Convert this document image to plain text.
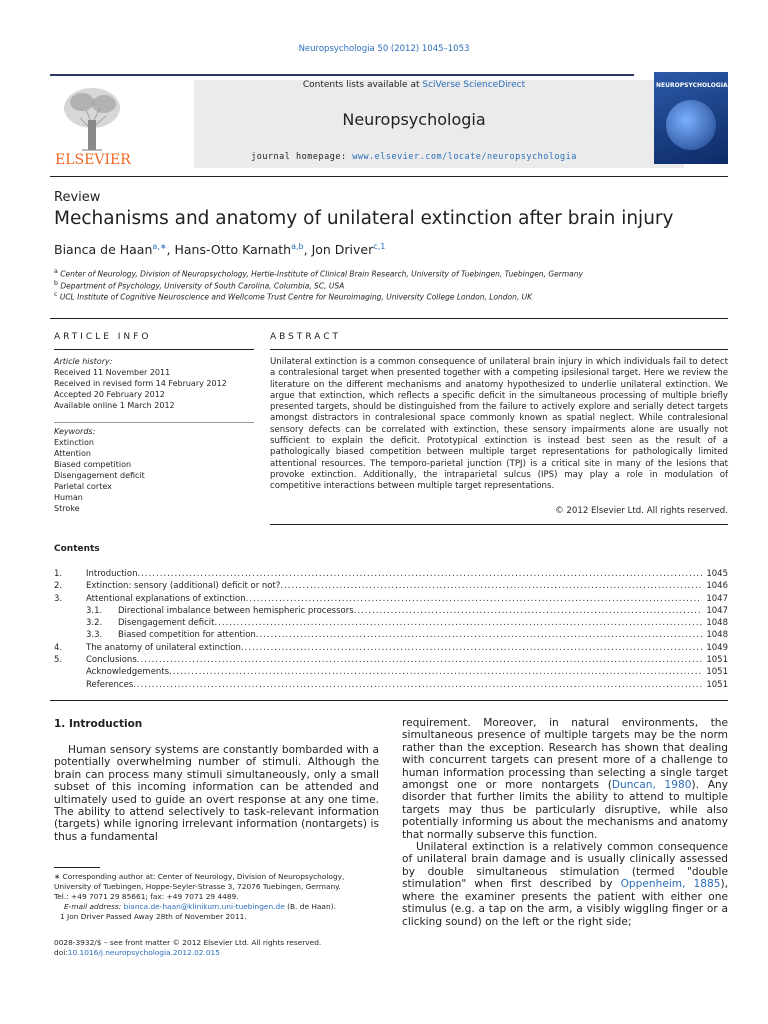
Neuropsychologia 50 (2012) 1045–1053
ELSEVIER
Contents lists available at SciVerse ScienceDirect
Neuropsychologia
journal homepage: www.elsevier.com/locate/neuropsychologia
NEUROPSYCHOLOGIA
Review
Mechanisms and anatomy of unilateral extinction after brain injury
Bianca de Haan$^{a,∗}$, Hans-Otto Karnath$^{a,b}$, Jon Driver$^{c,1}$
$^a$ Center of Neurology, Division of Neuropsychology, Hertie-Institute of Clinical Brain Research, University of Tuebingen, Tuebingen, Germany
$^b$ Department of Psychology, University of South Carolina, Columbia, SC, USA
$^c$ UCL Institute of Cognitive Neuroscience and Wellcome Trust Centre for Neuroimaging, University College London, London, UK
ARTICLE INFO
Article history:
Received 11 November 2011
Received in revised form 14 February 2012
Accepted 20 February 2012
Available online 1 March 2012
Keywords:
Extinction
Attention
Biased competition
Disengagement deficit
Parietal cortex
Human
Stroke
ABSTRACT
Unilateral extinction is a common consequence of unilateral brain injury in which individuals fail to detect a contralesional target when presented together with a competing ipsilesional target. Here we review the literature on the different mechanisms and anatomy hypothesized to underlie unilateral extinction. We argue that extinction, which reflects a specific deficit in the simultaneous processing of multiple briefly presented targets, should be distinguished from the failure to actively explore and serially detect targets amongst distractors in contralesional space commonly known as spatial neglect. While contralesional sensory defects can be correlated with extinction, these sensory impairments alone are usually not sufficient to explain the deficit. Prototypical extinction is instead best seen as the result of a pathologically biased competition between multiple target representations for pathologically limited attentional resources. The temporo-parietal junction (TPJ) is a critical site in many of the lesions that provoke extinction. Additionally, the intraparietal sulcus (IPS) may play a role in modulation of competitive interactions between multiple target representations.
© 2012 Elsevier Ltd. All rights reserved.
Contents
1.	Introduction .....	1045
2.	Extinction: sensory (additional) deficit or not? .....	1046
3.	Attentional explanations of extinction .....	1047
3.1.	Directional imbalance between hemispheric processors .....	1047
3.2.	Disengagement deficit .....	1048
3.3.	Biased competition for attention .....	1048
4.	The anatomy of unilateral extinction .....	1049
5.	Conclusions .....	1051
Acknowledgements .....	1051
References .....	1051
1. Introduction

Human sensory systems are constantly bombarded with a potentially overwhelming number of stimuli. Although the brain can process many stimuli simultaneously, only a small subset of this incoming information can be attended and ultimately used to guide an overt response at any one time. The ability to attend selectively to task-relevant information (targets) while ignoring irrelevant information (nontargets) is thus a fundamental

requirement. Moreover, in natural environments, the simultaneous presence of multiple targets may be the norm rather than the exception. Research has shown that dealing with concurrent targets can present more of a challenge to human information processing than selecting a single target amongst one or more nontargets (Duncan, 1980). Any disorder that further limits the ability to attend to multiple targets may thus be particularly disruptive, while also potentially informing us about the mechanisms and anatomy that normally subserve this function.

Unilateral extinction is a relatively common consequence of unilateral brain damage and is usually clinically assessed by double simultaneous stimulation (termed "double stimulation" when first described by Oppenheim, 1885), where the examiner presents the patient with either one stimulus (e.g. a tap on the arm, a visibly wiggling finger or a clicking sound) on the left or the right side;

∗ Corresponding author at: Center of Neurology, Division of Neuropsychology, University of Tuebingen, Hoppe-Seyler-Strasse 3, 72076 Tuebingen, Germany.
Tel.: +49 7071 29 85661; fax: +49 7071 29 4489.
E-mail address: bianca.de-haan@klinikum.uni-tuebingen.de (B. de Haan).
1 Jon Driver Passed Away 28th of November 2011.
0028-3932/$ – see front matter © 2012 Elsevier Ltd. All rights reserved.
doi:10.1016/j.neuropsychologia.2012.02.015
